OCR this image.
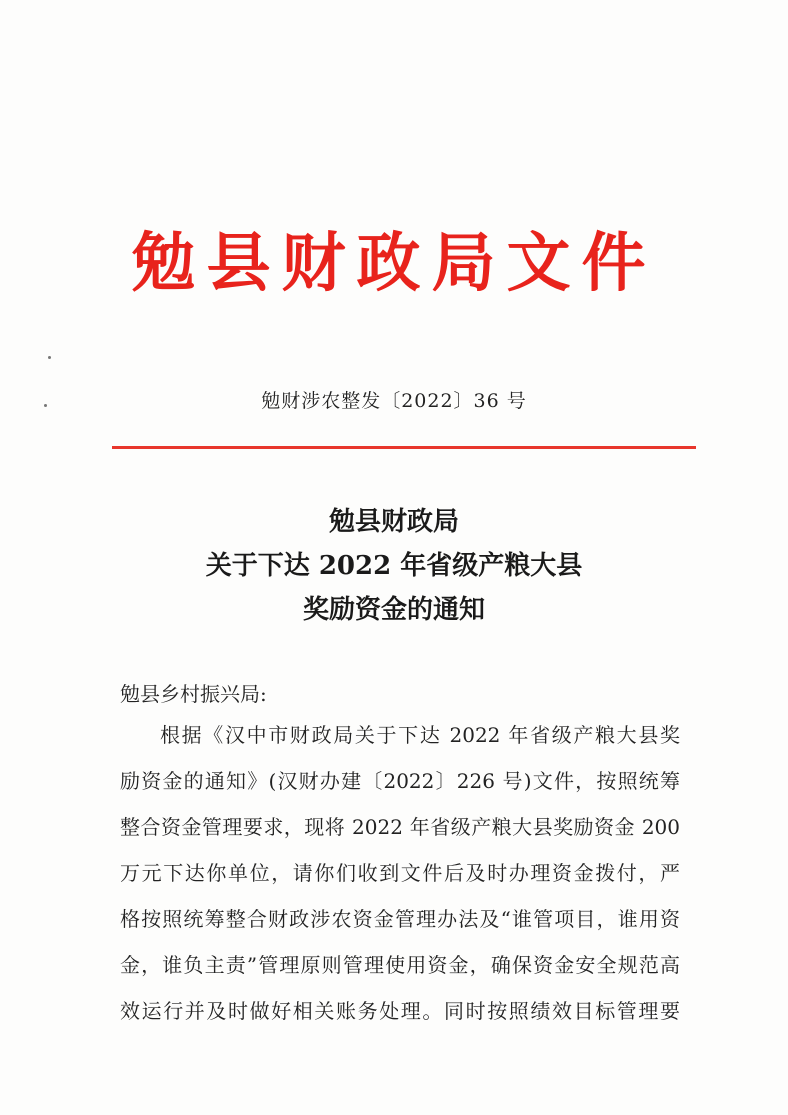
勉县财政局文件
勉财涉农整发〔2022〕36 号
勉县财政局
关于下达 2022 年省级产粮大县
奖励资金的通知
勉县乡村振兴局:
根据《汉中市财政局关于下达 2022 年省级产粮大县奖
励资金的通知》(汉财办建〔2022〕226 号)文件，按照统筹
整合资金管理要求，现将 2022 年省级产粮大县奖励资金 200
万元下达你单位，请你们收到文件后及时办理资金拨付，严
格按照统筹整合财政涉农资金管理办法及“谁管项目，谁用资
金，谁负主责”管理原则管理使用资金，确保资金安全规范高
效运行并及时做好相关账务处理。同时按照绩效目标管理要
